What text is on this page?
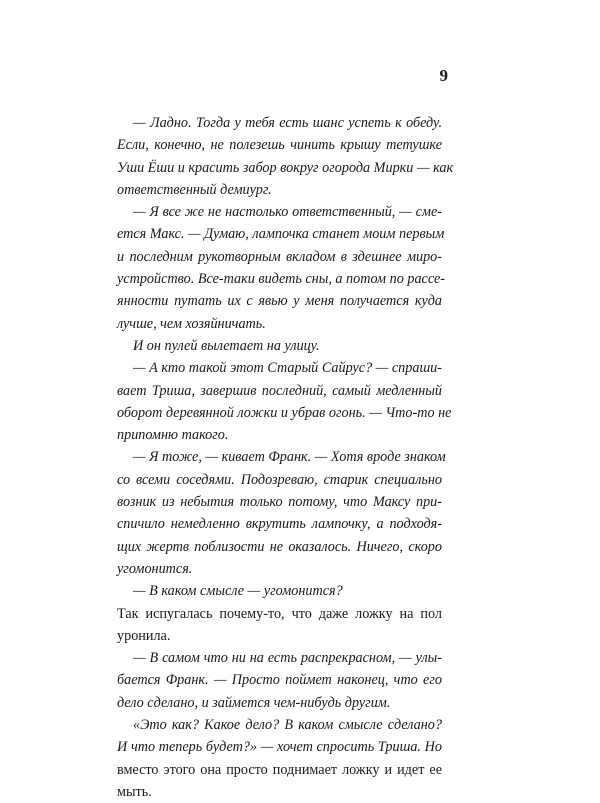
9
— Ладно. Тогда у тебя есть шанс успеть к обеду.
Если, конечно, не полезешь чинить крышу тетушке
Уши Ёши и красить забор вокруг огорода Мирки — как
ответственный демиург.
— Я все же не настолько ответственный, — сме-
ется Макс. — Думаю, лампочка станет моим первым
и последним рукотворным вкладом в здешнее миро-
устройство. Все-таки видеть сны, а потом по рассе-
янности путать их с явью у меня получается куда
лучше, чем хозяйничать.
И он пулей вылетает на улицу.
— А кто такой этот Старый Сайрус? — спраши-
вает Триша, завершив последний, самый медленный
оборот деревянной ложки и убрав огонь. — Что-то не
припомню такого.
— Я тоже, — кивает Франк. — Хотя вроде знаком
со всеми соседями. Подозреваю, старик специально
возник из небытия только потому, что Максу при-
спичило немедленно вкрутить лампочку, а подходя-
щих жертв поблизости не оказалось. Ничего, скоро
угомонится.
— В каком смысле — угомонится?
Так испугалась почему-то, что даже ложку на пол
уронила.
— В самом что ни на есть распрекрасном, — улы-
бается Франк. — Просто поймет наконец, что его
дело сделано, и займется чем-нибудь другим.
«Это как? Какое дело? В каком смысле сделано?
И что теперь будет?» — хочет спросить Триша. Но
вместо этого она просто поднимает ложку и идет ее
мыть.
